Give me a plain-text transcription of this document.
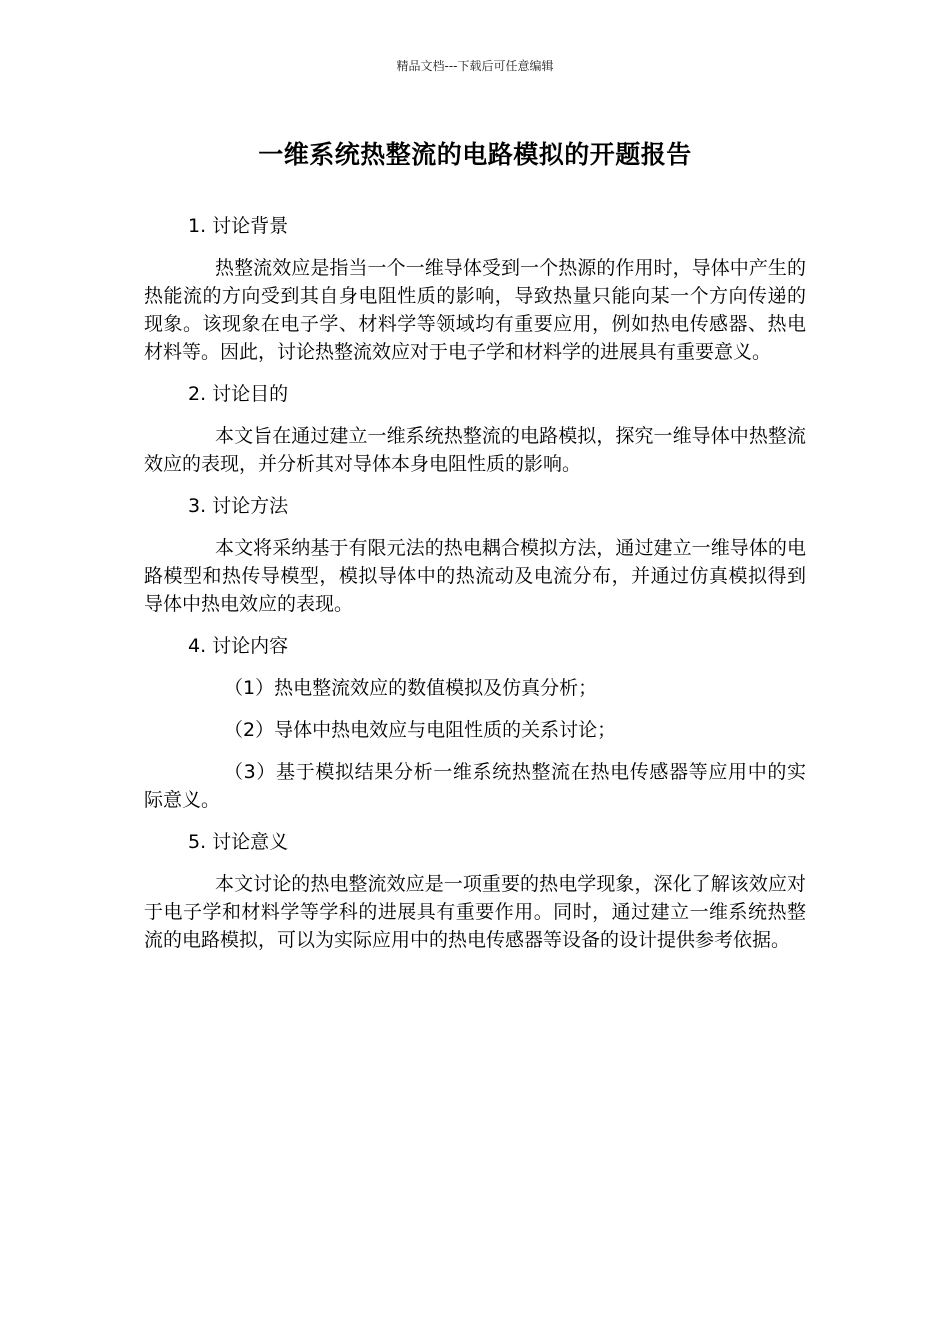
精品文档---下载后可任意编辑
一维系统热整流的电路模拟的开题报告
1. 讨论背景

热整流效应是指当一个一维导体受到一个热源的作用时，导体中产生的热能流的方向受到其自身电阻性质的影响，导致热量只能向某一个方向传递的现象。该现象在电子学、材料学等领域均有重要应用，例如热电传感器、热电材料等。因此，讨论热整流效应对于电子学和材料学的进展具有重要意义。

2. 讨论目的

本文旨在通过建立一维系统热整流的电路模拟，探究一维导体中热整流效应的表现，并分析其对导体本身电阻性质的影响。

3. 讨论方法

本文将采纳基于有限元法的热电耦合模拟方法，通过建立一维导体的电路模型和热传导模型，模拟导体中的热流动及电流分布，并通过仿真模拟得到导体中热电效应的表现。

4. 讨论内容

（1）热电整流效应的数值模拟及仿真分析；

（2）导体中热电效应与电阻性质的关系讨论；

（3）基于模拟结果分析一维系统热整流在热电传感器等应用中的实际意义。

5. 讨论意义

本文讨论的热电整流效应是一项重要的热电学现象，深化了解该效应对于电子学和材料学等学科的进展具有重要作用。同时，通过建立一维系统热整流的电路模拟，可以为实际应用中的热电传感器等设备的设计提供参考依据。
